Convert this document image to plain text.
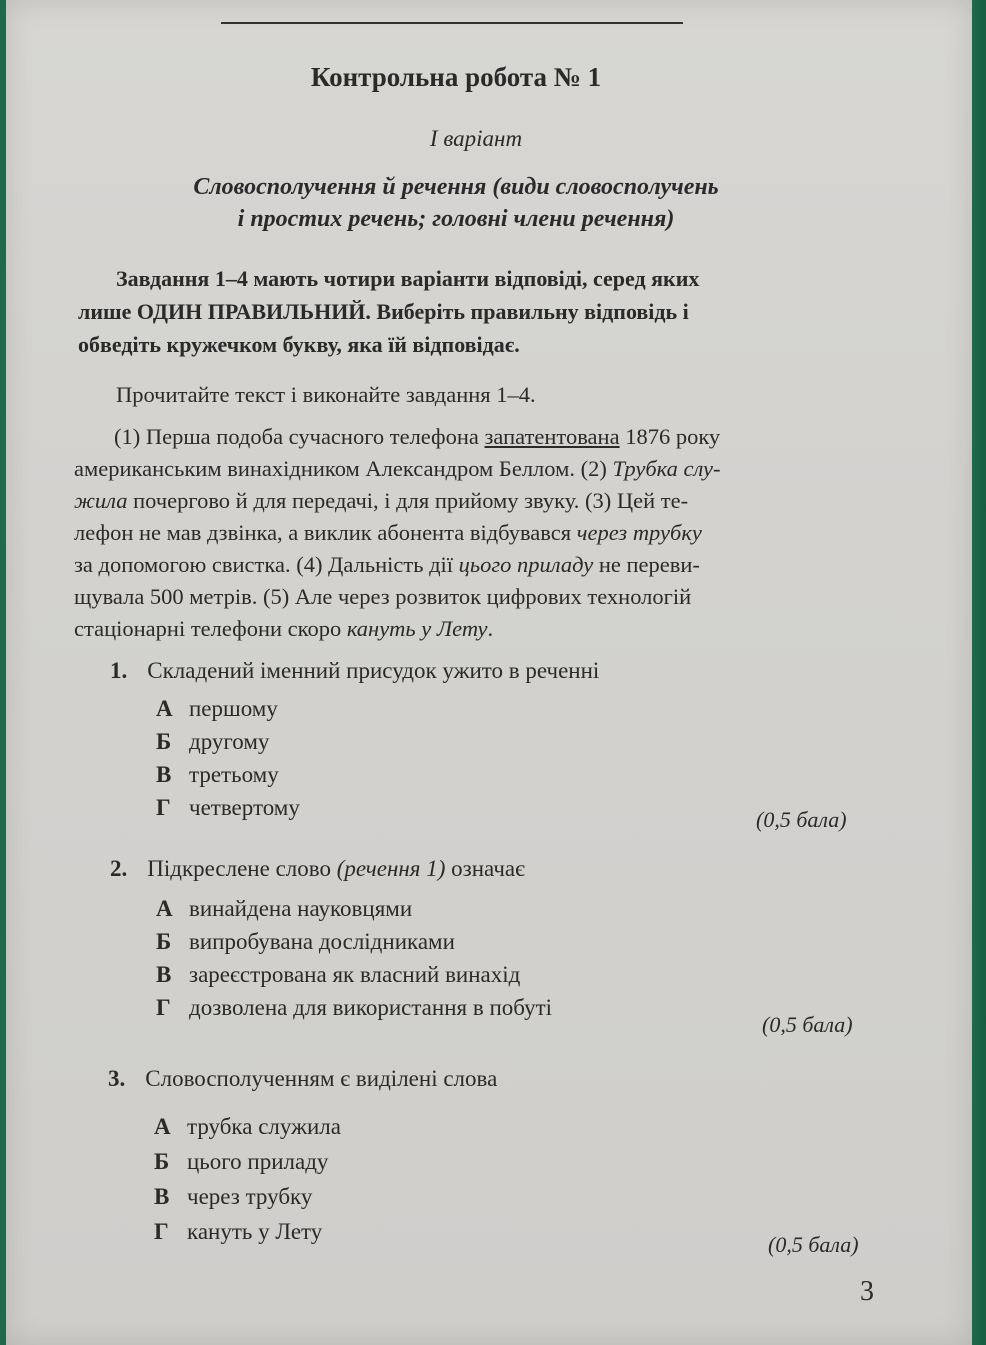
Контрольна робота № 1
I варіант
Словосполучення й речення (види словосполучень
і простих речень; головні члени речення)
Завдання 1–4 мають чотири варіанти відповіді, серед яких
лише ОДИН ПРАВИЛЬНИЙ. Виберіть правильну відповідь і
обведіть кружечком букву, яка їй відповідає.
Прочитайте текст і виконайте завдання 1–4.
(1) Перша подоба сучасного телефона запатентована 1876 року
американським винахідником Александром Беллом. (2) Трубка слу-
жила почергово й для передачі, і для прийому звуку. (3) Цей те-
лефон не мав дзвінка, а виклик абонента відбувався через трубку
за допомогою свистка. (4) Дальність дії цього приладу не переви-
щувала 500 метрів. (5) Але через розвиток цифрових технологій
стаціонарні телефони скоро кануть у Лету.
1. Складений іменний присудок ужито в реченні
А першому
Б другому
В третьому
Г четвертому	(0,5 бала)
2. Підкреслене слово (речення 1) означає
А винайдена науковцями
Б випробувана дослідниками
В зареєстрована як власний винахід
Г дозволена для використання в побуті
(0,5 бала)
3. Словосполученням є виділені слова
А трубка служила
Б цього приладу
В через трубку
Г кануть у Лету
(0,5 бала)
3
